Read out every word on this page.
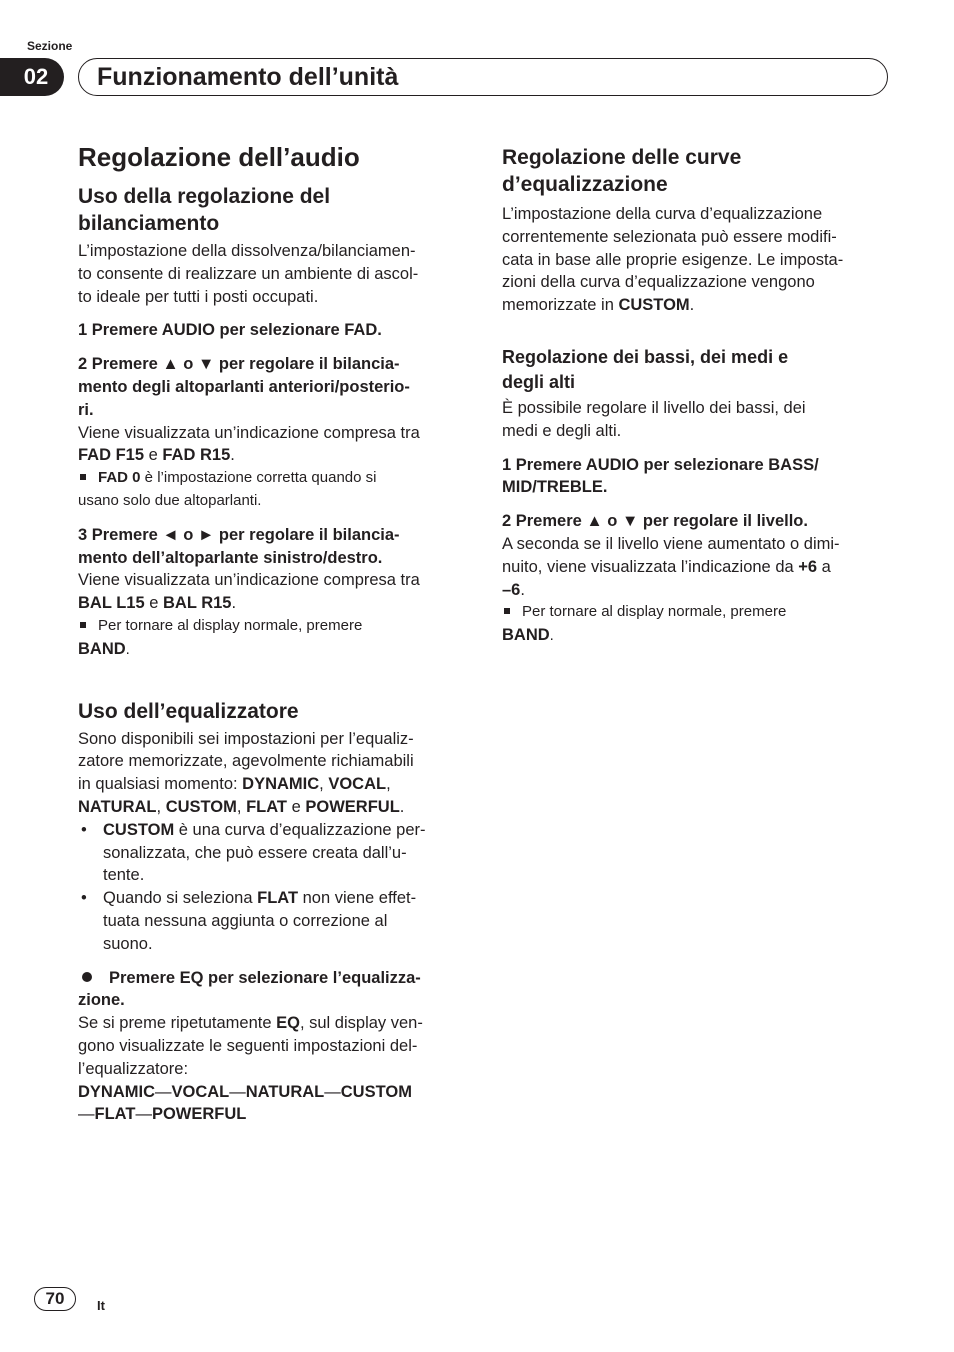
Sezione
02	Funzionamento dell’unità

Regolazione dell’audio

Uso della regolazione del

bilanciamento

L’impostazione della dissolvenza/bilanciamen-

to consente di realizzare un ambiente di ascol-

to ideale per tutti i posti occupati.

1 Premere AUDIO per selezionare FAD.

2 Premere ▲ o ▼ per regolare il bilancia-

mento degli altoparlanti anteriori/posterio-

ri.

Viene visualizzata un’indicazione compresa tra

FAD F15 e FAD R15.

FAD 0 è l’impostazione corretta quando si

usano solo due altoparlanti.

3 Premere ◄ o ► per regolare il bilancia-

mento dell’altoparlante sinistro/destro.

Viene visualizzata un’indicazione compresa tra

BAL L15 e BAL R15.

Per tornare al display normale, premere

BAND.

Uso dell’equalizzatore

Sono disponibili sei impostazioni per l’equaliz-

zatore memorizzate, agevolmente richiamabili

in qualsiasi momento: DYNAMIC, VOCAL,

NATURAL, CUSTOM, FLAT e POWERFUL.

• CUSTOM è una curva d’equalizzazione per-
sonalizzata, che può essere creata dall’u-
tente.
• Quando si seleziona FLAT non viene effet-
tuata nessuna aggiunta o correzione al
suono.

Premere EQ per selezionare l’equalizza-

zione.

Se si preme ripetutamente EQ, sul display ven-

gono visualizzate le seguenti impostazioni del-

l’equalizzatore:

DYNAMIC—VOCAL—NATURAL—CUSTOM

—FLAT—POWERFUL

Regolazione delle curve

d’equalizzazione

L’impostazione della curva d’equalizzazione

correntemente selezionata può essere modifi-

cata in base alle proprie esigenze. Le imposta-

zioni della curva d’equalizzazione vengono

memorizzate in CUSTOM.

Regolazione dei bassi, dei medi e

degli alti

È possibile regolare il livello dei bassi, dei

medi e degli alti.

1 Premere AUDIO per selezionare BASS/

MID/TREBLE.

2 Premere ▲ o ▼ per regolare il livello.

A seconda se il livello viene aumentato o dimi-

nuito, viene visualizzata l’indicazione da +6 a

–6.

Per tornare al display normale, premere

BAND.

70	It
